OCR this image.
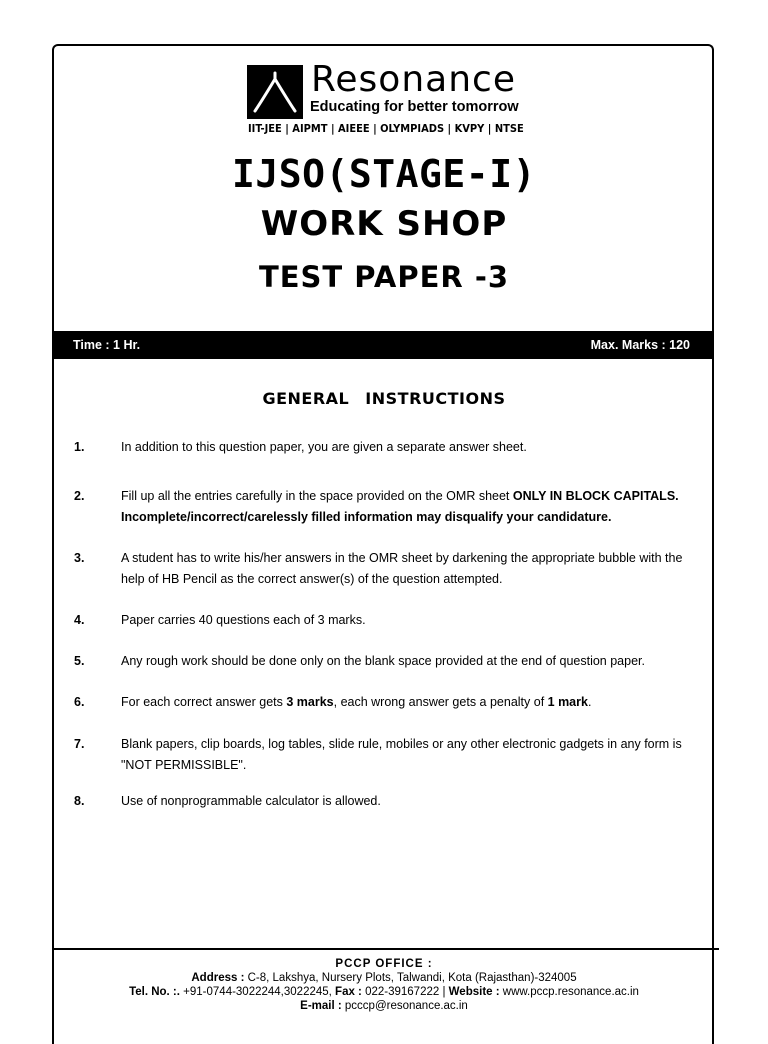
Resonance
Educating for better tomorrow
IIT-JEE | AIPMT | AIEEE | OLYMPIADS | KVPY | NTSE
IJSO(STAGE-I)
WORK SHOP
TEST PAPER -3
Time : 1 Hr.	Max. Marks : 120
GENERAL INSTRUCTIONS
1.	In addition to this question paper, you are given a separate answer sheet.
2.	Fill up all the entries carefully in the space provided on the OMR sheet ONLY IN BLOCK CAPITALS.
Incomplete/incorrect/carelessly filled information may disqualify your candidature.
3.	A student has to write his/her answers in the OMR sheet by darkening the appropriate bubble with the help of HB Pencil as the correct answer(s) of the question attempted.
4.	Paper carries 40 questions each of 3 marks.
5.	Any rough work should be done only on the blank space provided at the end of question paper.
6.	For each correct answer gets 3 marks, each wrong answer gets a penalty of 1 mark.
7.	Blank papers, clip boards, log tables, slide rule, mobiles or any other electronic gadgets in any form is "NOT PERMISSIBLE".
8.	Use of nonprogrammable calculator is allowed.
PCCP OFFICE :
Address : C-8, Lakshya, Nursery Plots, Talwandi, Kota (Rajasthan)-324005
Tel. No. :. +91-0744-3022244,3022245, Fax : 022-39167222 | Website : www.pccp.resonance.ac.in
E-mail : pcccp@resonance.ac.in
